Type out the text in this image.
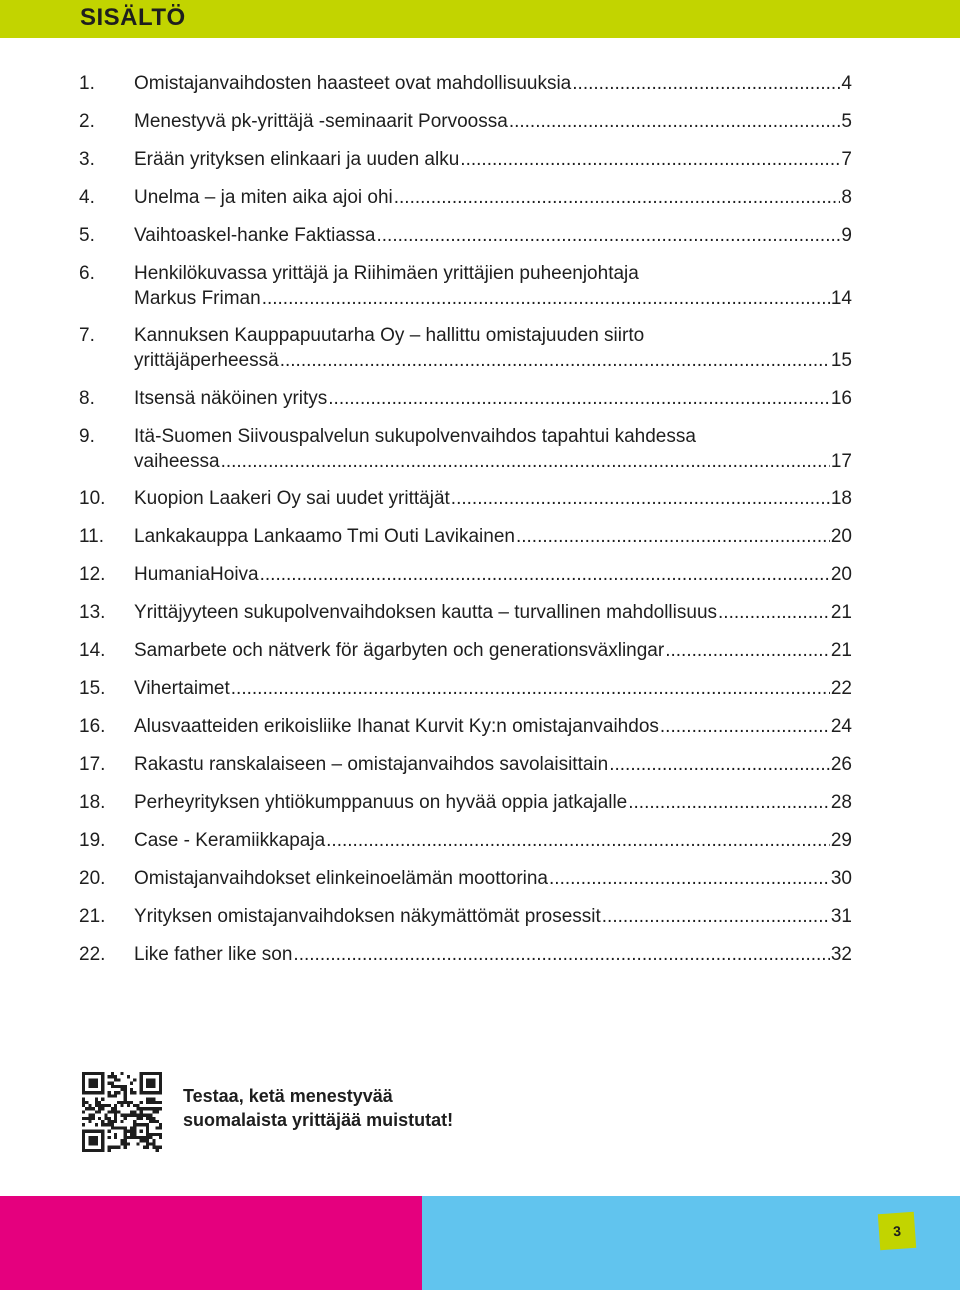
SISÄLTÖ
1. Omistajanvaihdosten haasteet ovat mahdollisuuksia .....	4
2. Menestyvä pk-yrittäjä -seminaarit Porvoossa .....	5
3. Erään yrityksen elinkaari ja uuden alku .....	7
4. Unelma – ja miten aika ajoi ohi .....	8
5. Vaihtoaskel-hanke Faktiassa .....	9
6. Henkilökuvassa yrittäjä ja Riihimäen yrittäjien puheenjohtaja
Markus Friman .....	14
7. Kannuksen Kauppapuutarha Oy – hallittu omistajuuden siirto
yrittäjäperheessä .....	15
8. Itsensä näköinen yritys .....	16
9. Itä-Suomen Siivouspalvelun sukupolvenvaihdos tapahtui kahdessa
vaiheessa .....	17
10. Kuopion Laakeri Oy sai uudet yrittäjät .....	18
11. Lankakauppa Lankaamo Tmi Outi Lavikainen .....	20
12. HumaniaHoiva .....	20
13. Yrittäjyyteen sukupolvenvaihdoksen kautta – turvallinen mahdollisuus .....	21
14. Samarbete och nätverk för ägarbyten och generationsväxlingar .....	21
15. Vihertaimet .....	22
16. Alusvaatteiden erikoisliike Ihanat Kurvit Ky:n omistajanvaihdos .....	24
17. Rakastu ranskalaiseen – omistajanvaihdos savolaisittain .....	26
18. Perheyrityksen yhtiökumppanuus on hyvää oppia jatkajalle .....	28
19. Case - Keramiikkapaja .....	29
20. Omistajanvaihdokset elinkeinoelämän moottorina .....	30
21. Yrityksen omistajanvaihdoksen näkymättömät prosessit .....	31
22. Like father like son .....	32
Testaa, ketä menestyvää
suomalaista yrittäjää muistutat!
3
